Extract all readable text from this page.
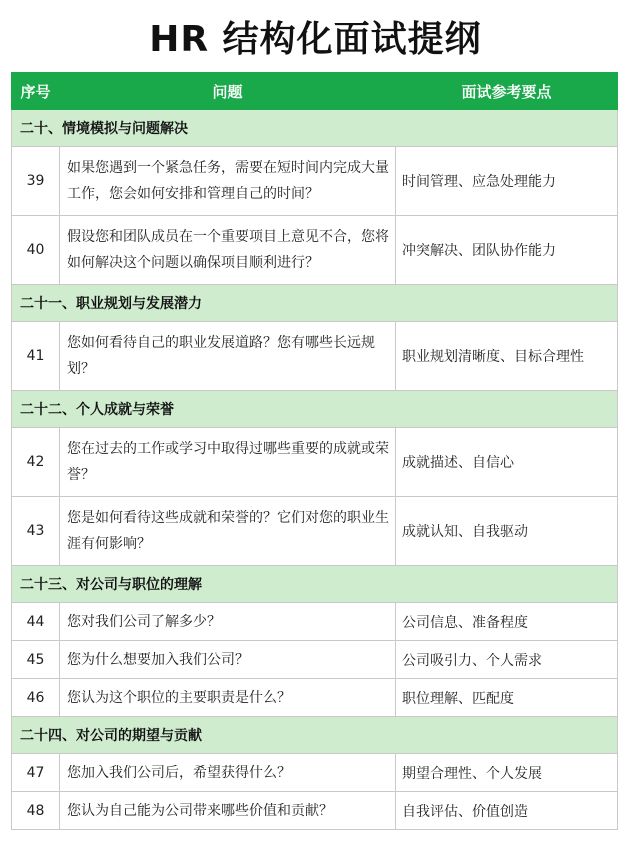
HR 结构化面试提纲
序号	问题	面试参考要点
二十、情境模拟与问题解决		
39	如果您遇到一个紧急任务，需要在短时间内完成大量工作，您会如何安排和管理自己的时间？	时间管理、应急处理能力
40	假设您和团队成员在一个重要项目上意见不合，您将如何解决这个问题以确保项目顺利进行？	冲突解决、团队协作能力
二十一、职业规划与发展潜力		
41	您如何看待自己的职业发展道路？您有哪些长远规划？	职业规划清晰度、目标合理性
二十二、个人成就与荣誉		
42	您在过去的工作或学习中取得过哪些重要的成就或荣誉？	成就描述、自信心
43	您是如何看待这些成就和荣誉的？它们对您的职业生涯有何影响？	成就认知、自我驱动
二十三、对公司与职位的理解		
44	您对我们公司了解多少？	公司信息、准备程度
45	您为什么想要加入我们公司？	公司吸引力、个人需求
46	您认为这个职位的主要职责是什么？	职位理解、匹配度
二十四、对公司的期望与贡献		
47	您加入我们公司后，希望获得什么？	期望合理性、个人发展
48	您认为自己能为公司带来哪些价值和贡献？	自我评估、价值创造
